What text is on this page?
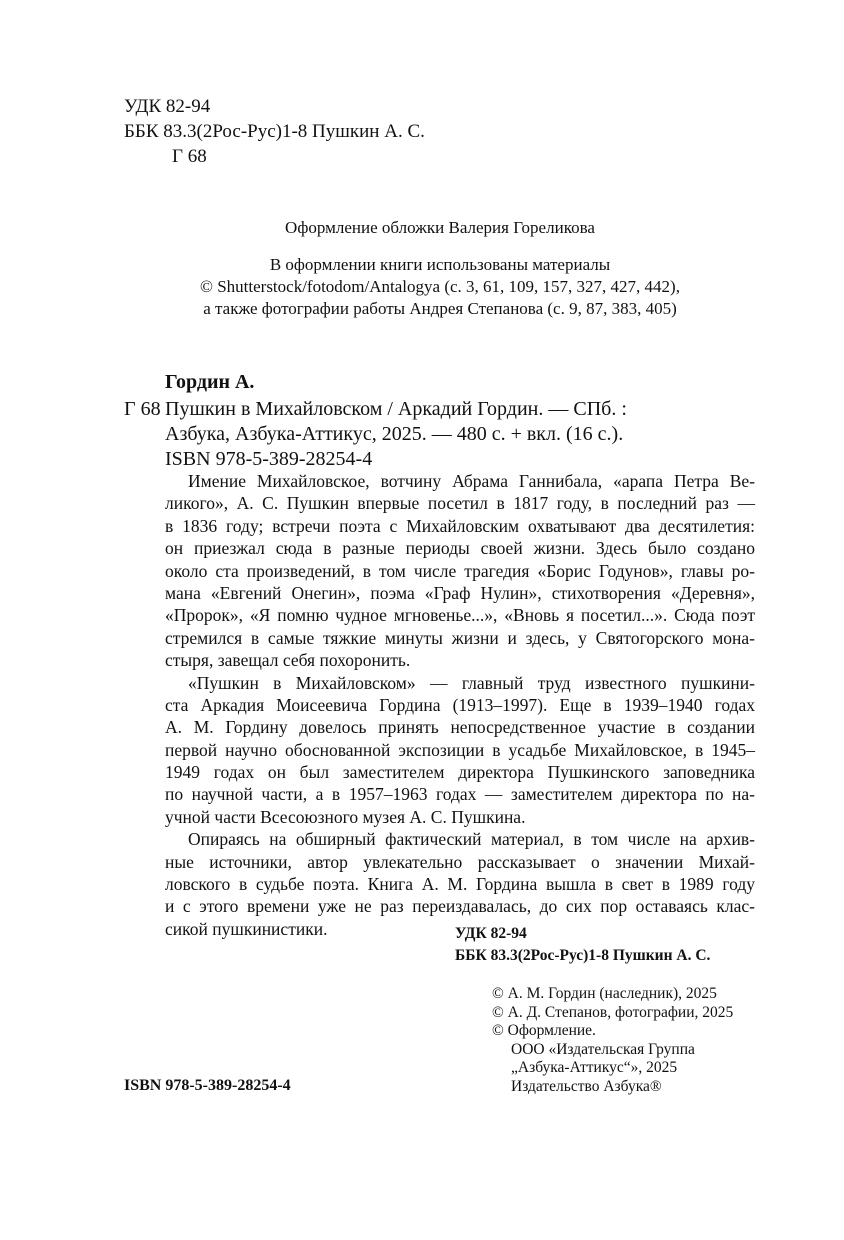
УДК 82-94
ББК 83.3(2Рос-Рус)1-8 Пушкин А. С.
Г 68
Оформление обложки Валерия Гореликова
В оформлении книги использованы материалы
© Shutterstock/fotodom/Antalogya (с. 3, 61, 109, 157, 327, 427, 442),
а также фотографии работы Андрея Степанова (с. 9, 87, 383, 405)
Гордин А.
Г 68 Пушкин в Михайловском / Аркадий Гордин. — СПб. :
Азбука, Азбука-Аттикус, 2025. — 480 с. + вкл. (16 с.).
ISBN 978-5-389-28254-4
Имение Михайловское, вотчину Абрама Ганнибала, «арапа Петра Ве-
ликого», А. С. Пушкин впервые посетил в 1817 году, в последний раз —
в 1836 году; встречи поэта с Михайловским охватывают два десятилетия:
он приезжал сюда в разные периоды своей жизни. Здесь было создано
около ста произведений, в том числе трагедия «Борис Годунов», главы ро-
мана «Евгений Онегин», поэма «Граф Нулин», стихотворения «Деревня»,
«Пророк», «Я помню чудное мгновенье...», «Вновь я посетил...». Сюда поэт
стремился в самые тяжкие минуты жизни и здесь, у Святогорского мона-
стыря, завещал себя похоронить.
«Пушкин в Михайловском» — главный труд известного пушкини-
ста Аркадия Моисеевича Гордина (1913–1997). Еще в 1939–1940 годах
А. М. Гордину довелось принять непосредственное участие в создании
первой научно обоснованной экспозиции в усадьбе Михайловское, в 1945–
1949 годах он был заместителем директора Пушкинского заповедника
по научной части, а в 1957–1963 годах — заместителем директора по на-
учной части Всесоюзного музея А. С. Пушкина.
Опираясь на обширный фактический материал, в том числе на архив-
ные источники, автор увлекательно рассказывает о значении Михай-
ловского в судьбе поэта. Книга А. М. Гордина вышла в свет в 1989 году
и с этого времени уже не раз переиздавалась, до сих пор оставаясь клас-
сикой пушкинистики.	УДК 82-94
ББК 83.3(2Рос-Рус)1-8 Пушкин А. С.
© А. М. Гордин (наследник), 2025
© А. Д. Степанов, фотографии, 2025
© Оформление.
ООО «Издательская Группа
„Азбука-Аттикус“», 2025
Издательство Азбука®
ISBN 978-5-389-28254-4
